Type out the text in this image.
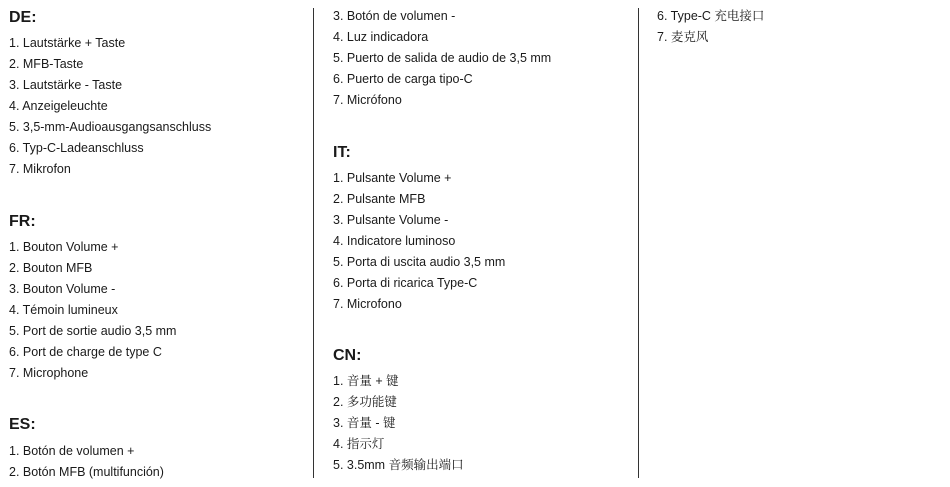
DE:

1. Lautstärke + Taste

2. MFB-Taste

3. Lautstärke - Taste

4. Anzeigeleuchte

5. 3,5-mm-Audioausgangsanschluss

6. Typ-C-Ladeanschluss

7. Mikrofon

FR:

1. Bouton Volume +

2. Bouton MFB

3. Bouton Volume -

4. Témoin lumineux

5. Port de sortie audio 3,5 mm

6. Port de charge de type C

7. Microphone

ES:

1. Botón de volumen +

2. Botón MFB (multifunción)

3. Botón de volumen -

4. Luz indicadora

5. Puerto de salida de audio de 3,5 mm

6. Puerto de carga tipo-C

7. Micrófono

IT:

1. Pulsante Volume +

2. Pulsante MFB

3. Pulsante Volume -

4. Indicatore luminoso

5. Porta di uscita audio 3,5 mm

6. Porta di ricarica Type-C

7. Microfono

CN:

1. 音量 + 键

2. 多功能键

3. 音量 - 键

4. 指示灯

5. 3.5mm 音频输出端口

6. Type-C 充电接口

7. 麦克风
